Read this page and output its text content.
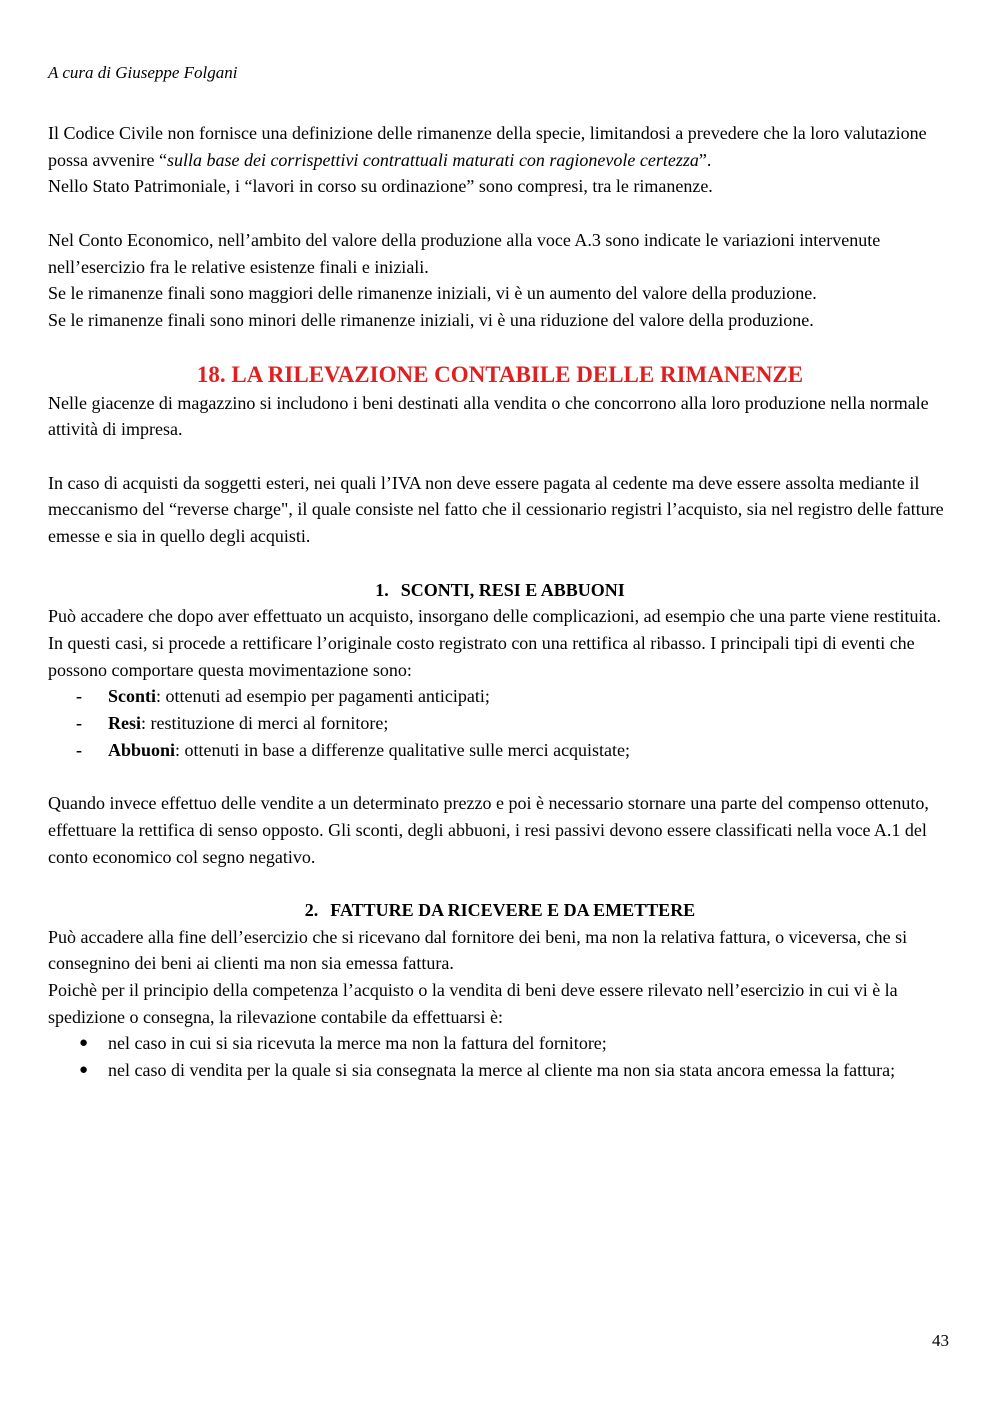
A cura di Giuseppe Folgani

Il Codice Civile non fornisce una definizione delle rimanenze della specie, limitandosi a prevedere che la loro valutazione possa avvenire “sulla base dei corrispettivi contrattuali maturati con ragionevole certezza”.

Nello Stato Patrimoniale, i “lavori in corso su ordinazione” sono compresi, tra le rimanenze.

Nel Conto Economico, nell’ambito del valore della produzione alla voce A.3 sono indicate le variazioni intervenute nell’esercizio fra le relative esistenze finali e iniziali.

Se le rimanenze finali sono maggiori delle rimanenze iniziali, vi è un aumento del valore della produzione.

Se le rimanenze finali sono minori delle rimanenze iniziali, vi è una riduzione del valore della produzione.

18. LA RILEVAZIONE CONTABILE DELLE RIMANENZE

Nelle giacenze di magazzino si includono i beni destinati alla vendita o che concorrono alla loro produzione nella normale attività di impresa.

In caso di acquisti da soggetti esteri, nei quali l’IVA non deve essere pagata al cedente ma deve essere assolta mediante il meccanismo del “reverse charge", il quale consiste nel fatto che il cessionario registri l’acquisto, sia nel registro delle fatture emesse e sia in quello degli acquisti.

1. SCONTI, RESI E ABBUONI

Può accadere che dopo aver effettuato un acquisto, insorgano delle complicazioni, ad esempio che una parte viene restituita.

In questi casi, si procede a rettificare l’originale costo registrato con una rettifica al ribasso. I principali tipi di eventi che possono comportare questa movimentazione sono:

- Sconti: ottenuti ad esempio per pagamenti anticipati;
- Resi: restituzione di merci al fornitore;
- Abbuoni: ottenuti in base a differenze qualitative sulle merci acquistate;

Quando invece effettuo delle vendite a un determinato prezzo e poi è necessario stornare una parte del compenso ottenuto, effettuare la rettifica di senso opposto. Gli sconti, degli abbuoni, i resi passivi devono essere classificati nella voce A.1 del conto economico col segno negativo.

2. FATTURE DA RICEVERE E DA EMETTERE

Può accadere alla fine dell’esercizio che si ricevano dal fornitore dei beni, ma non la relativa fattura, o viceversa, che si consegnino dei beni ai clienti ma non sia emessa fattura.

Poichè per il principio della competenza l’acquisto o la vendita di beni deve essere rilevato nell’esercizio in cui vi è la spedizione o consegna, la rilevazione contabile da effettuarsi è:

● nel caso in cui si sia ricevuta la merce ma non la fattura del fornitore;
● nel caso di vendita per la quale si sia consegnata la merce al cliente ma non sia stata ancora emessa la fattura;
43
